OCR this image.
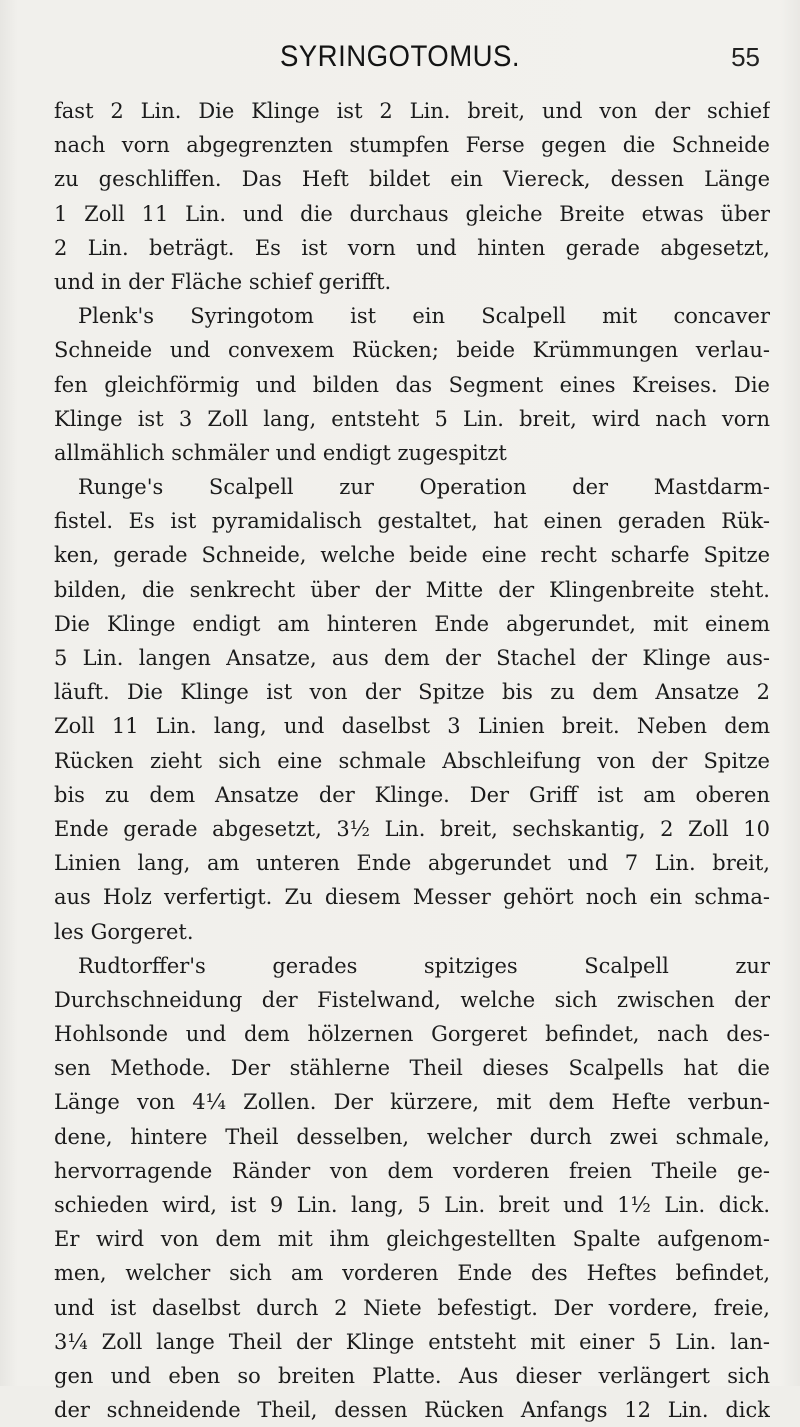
SYRINGOTOMUS.	55
fast 2 Lin. Die Klinge ist 2 Lin. breit, und von der schief
nach vorn abgegrenzten stumpfen Ferse gegen die Schneide
zu geschliffen. Das Heft bildet ein Viereck, dessen Länge
1 Zoll 11 Lin. und die durchaus gleiche Breite etwas über
2 Lin. beträgt. Es ist vorn und hinten gerade abgesetzt,
und in der Fläche schief gerifft.
Plenk's Syringotom ist ein Scalpell mit concaver
Schneide und convexem Rücken; beide Krümmungen verlau-
fen gleichförmig und bilden das Segment eines Kreises. Die
Klinge ist 3 Zoll lang, entsteht 5 Lin. breit, wird nach vorn
allmählich schmäler und endigt zugespitzt
Runge's Scalpell zur Operation der Mastdarm-
fistel. Es ist pyramidalisch gestaltet, hat einen geraden Rük-
ken, gerade Schneide, welche beide eine recht scharfe Spitze
bilden, die senkrecht über der Mitte der Klingenbreite steht.
Die Klinge endigt am hinteren Ende abgerundet, mit einem
5 Lin. langen Ansatze, aus dem der Stachel der Klinge aus-
läuft. Die Klinge ist von der Spitze bis zu dem Ansatze 2
Zoll 11 Lin. lang, und daselbst 3 Linien breit. Neben dem
Rücken zieht sich eine schmale Abschleifung von der Spitze
bis zu dem Ansatze der Klinge. Der Griff ist am oberen
Ende gerade abgesetzt, 3½ Lin. breit, sechskantig, 2 Zoll 10
Linien lang, am unteren Ende abgerundet und 7 Lin. breit,
aus Holz verfertigt. Zu diesem Messer gehört noch ein schma-
les Gorgeret.
Rudtorffer's gerades spitziges Scalpell zur
Durchschneidung der Fistelwand, welche sich zwischen der
Hohlsonde und dem hölzernen Gorgeret befindet, nach des-
sen Methode. Der stählerne Theil dieses Scalpells hat die
Länge von 4¼ Zollen. Der kürzere, mit dem Hefte verbun-
dene, hintere Theil desselben, welcher durch zwei schmale,
hervorragende Ränder von dem vorderen freien Theile ge-
schieden wird, ist 9 Lin. lang, 5 Lin. breit und 1½ Lin. dick.
Er wird von dem mit ihm gleichgestellten Spalte aufgenom-
men, welcher sich am vorderen Ende des Heftes befindet,
und ist daselbst durch 2 Niete befestigt. Der vordere, freie,
3¼ Zoll lange Theil der Klinge entsteht mit einer 5 Lin. lan-
gen und eben so breiten Platte. Aus dieser verlängert sich
der schneidende Theil, dessen Rücken Anfangs 12 Lin. dick
